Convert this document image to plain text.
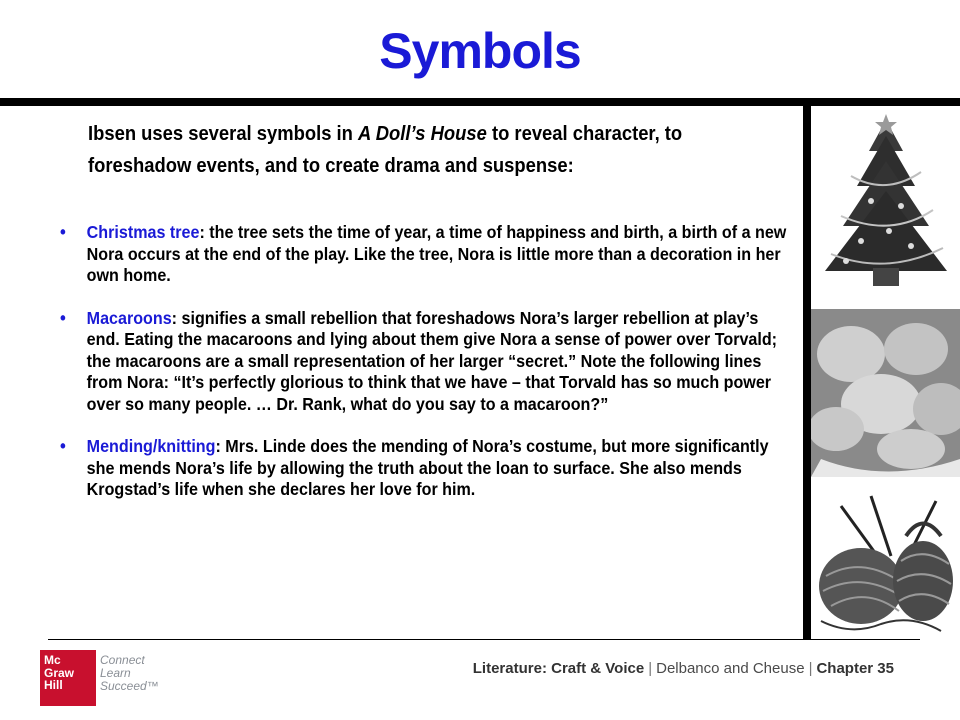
Symbols
Ibsen uses several symbols in A Doll’s House to reveal character, to foreshadow events, and to create drama and suspense:
• Christmas tree: the tree sets the time of year, a time of happiness and birth, a birth of a new Nora occurs at the end of the play. Like the tree, Nora is little more than a decoration in her own home.
• Macaroons: signifies a small rebellion that foreshadows Nora’s larger rebellion at play’s end. Eating the macaroons and lying about them give Nora a sense of power over Torvald; the macaroons are a small representation of her larger “secret.” Note the following lines from Nora: “It’s perfectly glorious to think that we have – that Torvald has so much power over so many people. … Dr. Rank, what do you say to a macaroon?”
• Mending/knitting: Mrs. Linde does the mending of Nora’s costume, but more significantly she mends Nora’s life by allowing the truth about the loan to surface. She also mends Krogstad’s life when she declares her love for him.
Mc
Graw
Hill
Connect
Learn
Succeed™
Literature: Craft & Voice | Delbanco and Cheuse | Chapter 35
